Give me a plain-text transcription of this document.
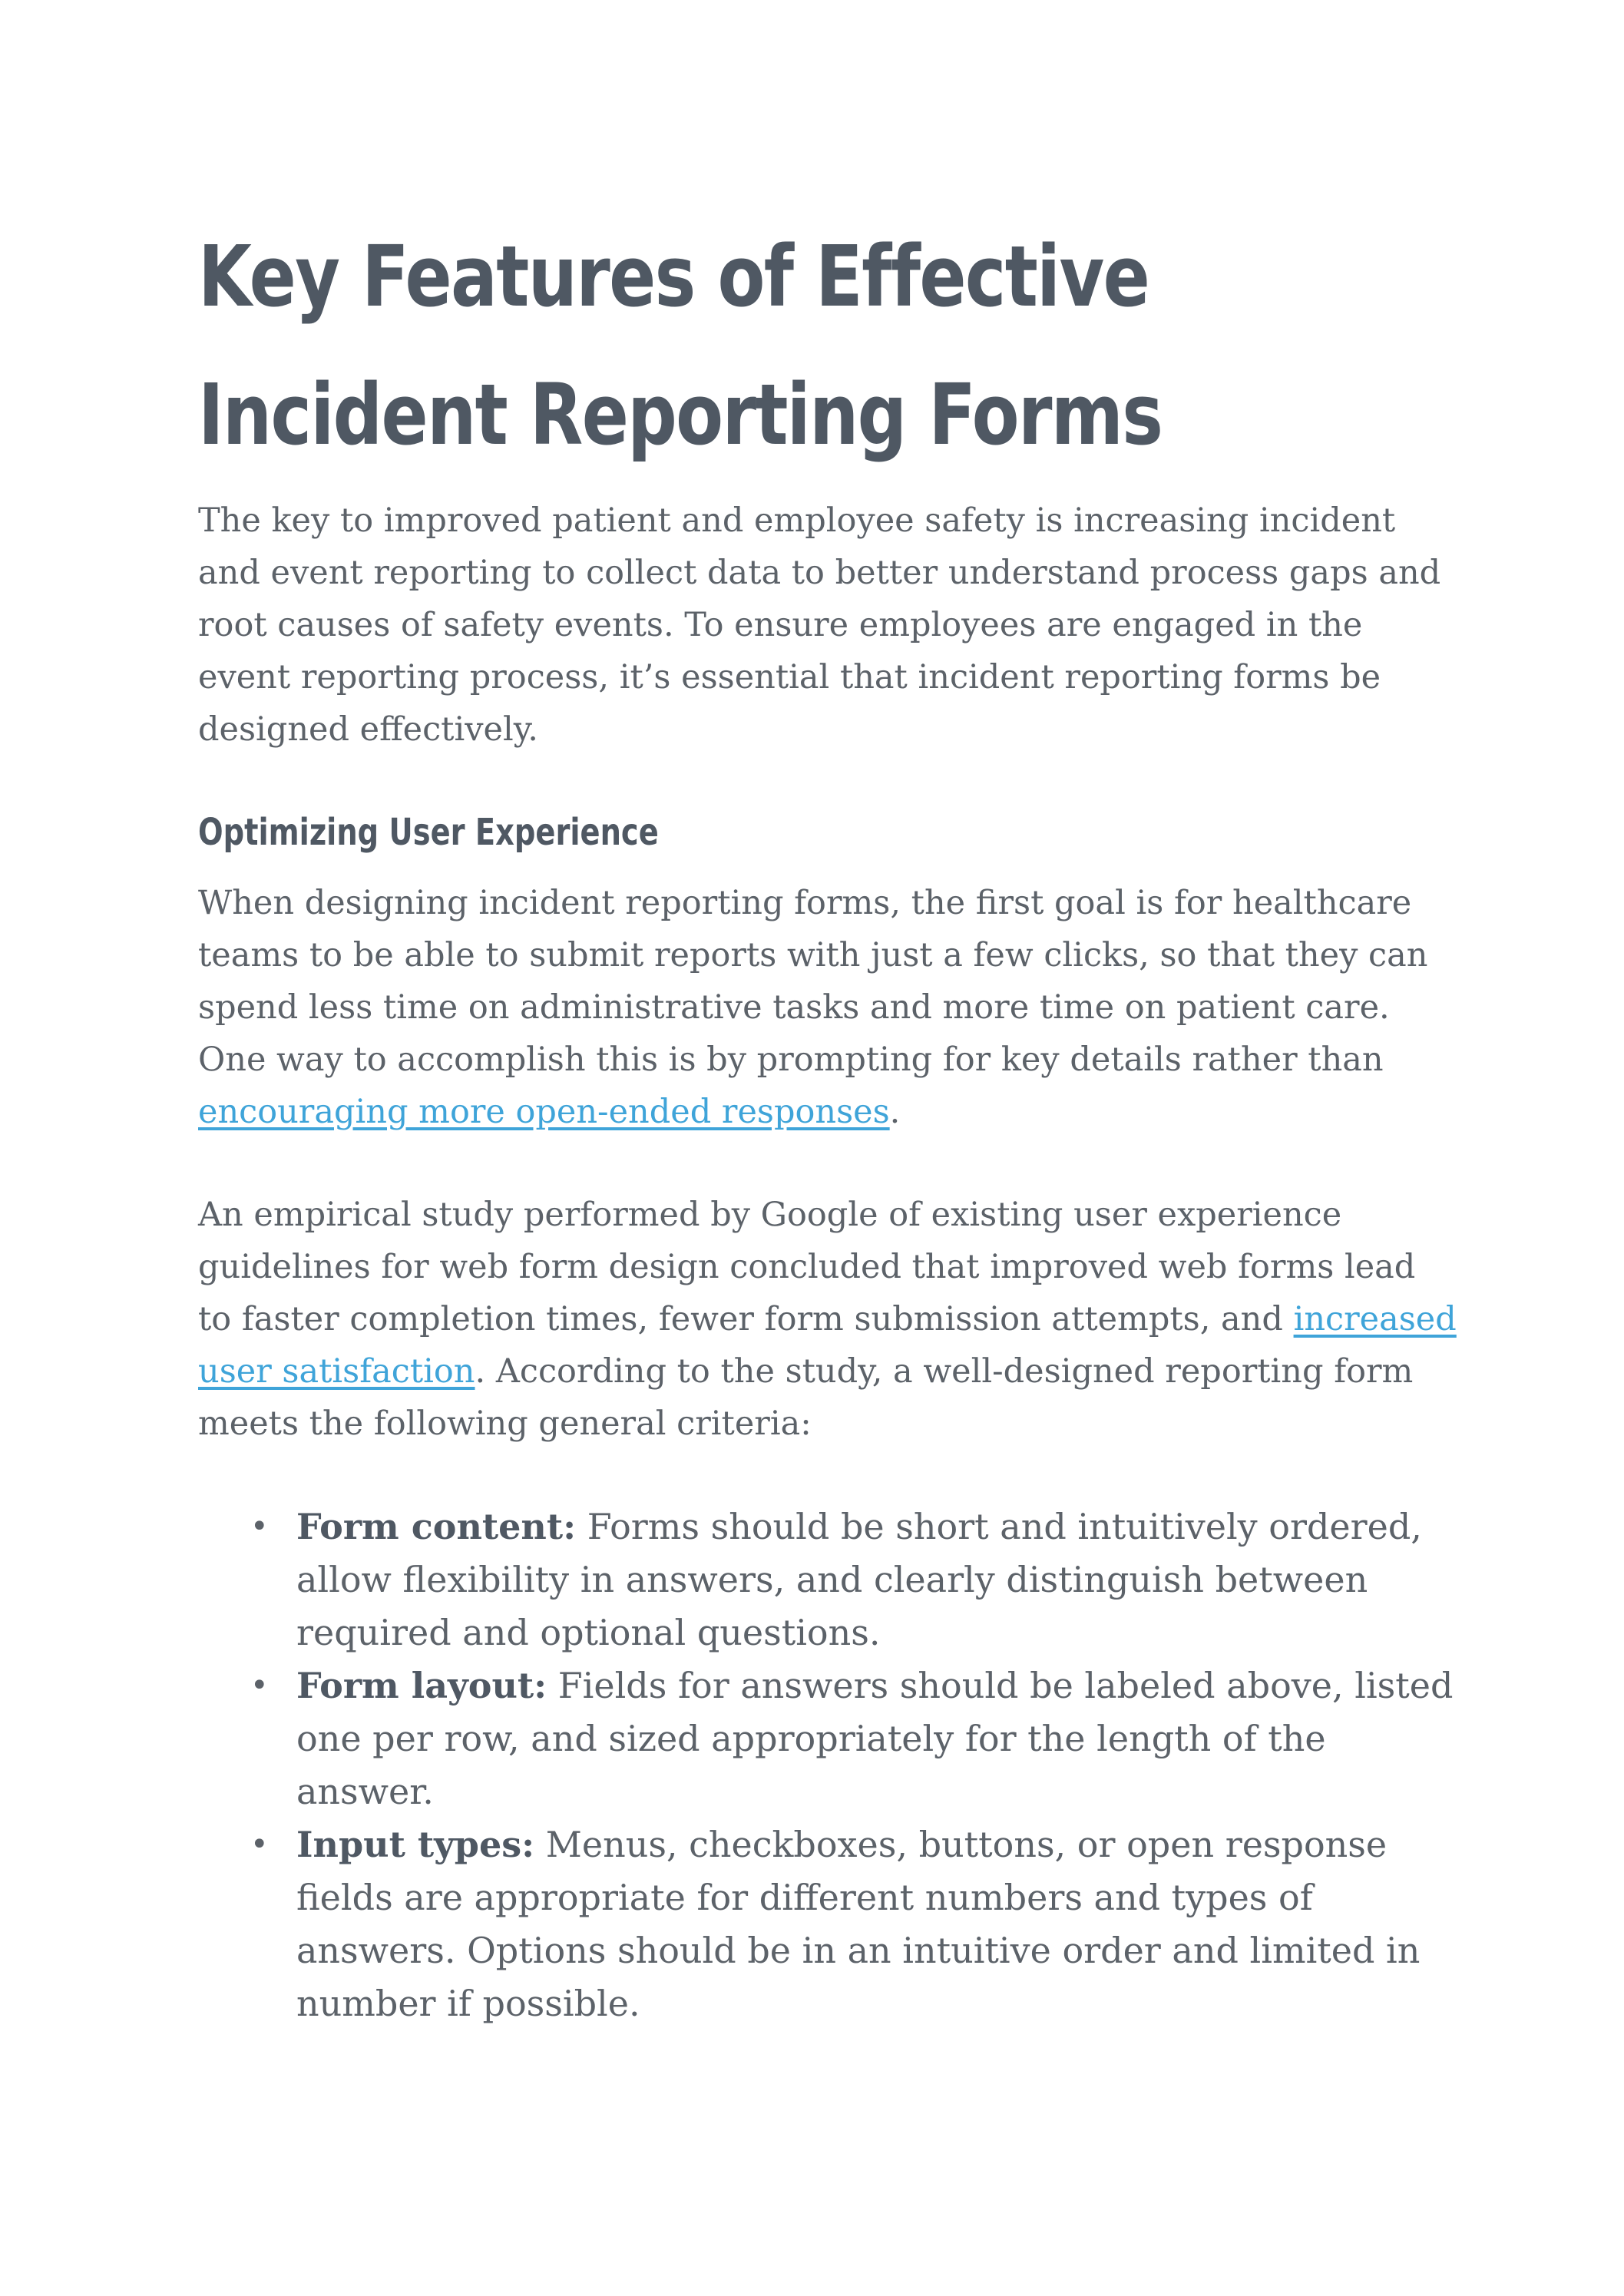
Key Features of Effective
Incident Reporting Forms

The key to improved patient and employee safety is increasing incident and event reporting to collect data to better understand process gaps and root causes of safety events. To ensure employees are engaged in the event reporting process, it’s essential that incident reporting forms be designed effectively.

Optimizing User Experience

When designing incident reporting forms, the first goal is for healthcare teams to be able to submit reports with just a few clicks, so that they can spend less time on administrative tasks and more time on patient care. One way to accomplish this is by prompting for key details rather than encouraging more open-ended responses.

An empirical study performed by Google of existing user experience guidelines for web form design concluded that improved web forms lead to faster completion times, fewer form submission attempts, and increased user satisfaction. According to the study, a well-designed reporting form meets the following general criteria:

• Form content: Forms should be short and intuitively ordered, allow flexibility in answers, and clearly distinguish between required and optional questions.
• Form layout: Fields for answers should be labeled above, listed one per row, and sized appropriately for the length of the answer.
• Input types: Menus, checkboxes, buttons, or open response fields are appropriate for different numbers and types of answers. Options should be in an intuitive order and limited in number if possible.
